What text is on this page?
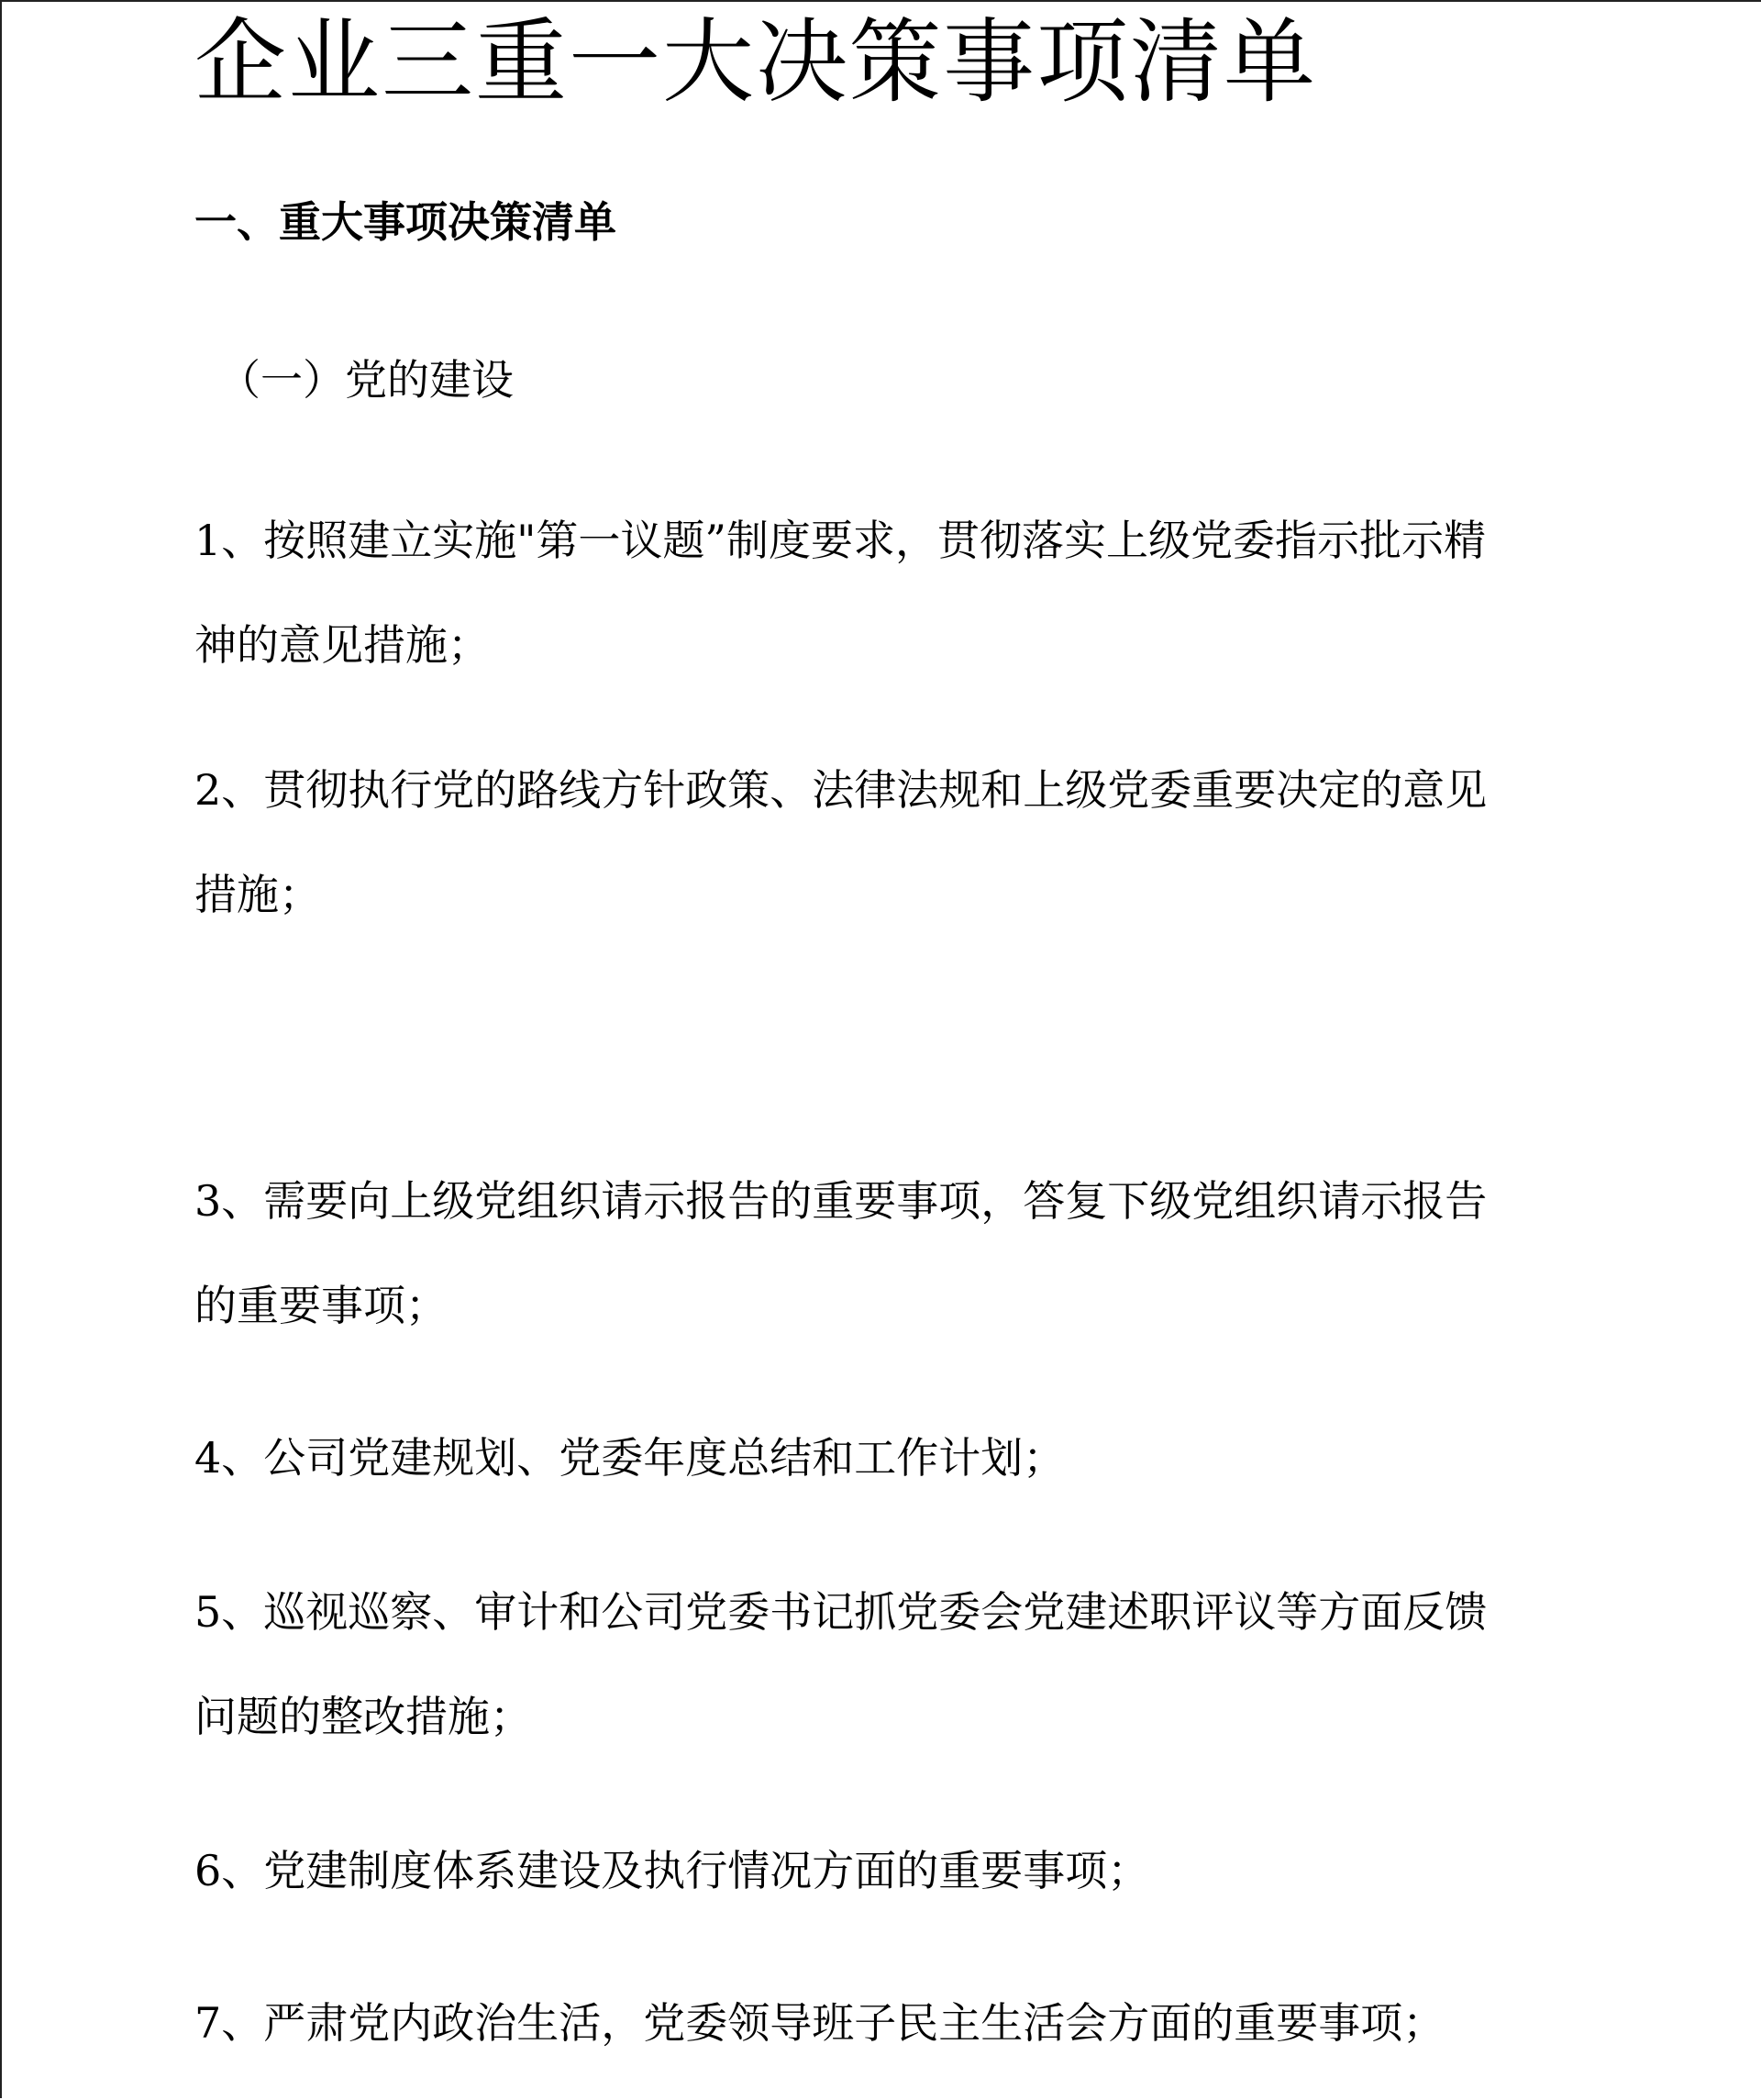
企业三重一大决策事项清单
一、重大事项决策清单
（一）党的建设

1、按照建立实施"第一议题”制度要求，贯彻落实上级党委指示批示精
神的意见措施；

2、贯彻执行党的路线方针政策、法律法规和上级党委重要决定的意见
措施；

3、需要向上级党组织请示报告的重要事项，答复下级党组织请示报告
的重要事项；

4、公司党建规划、党委年度总结和工作计划；

5、巡视巡察、审计和公司党委书记抓党委会党建述职评议等方面反馈
问题的整改措施；

6、党建制度体系建设及执行情况方面的重要事项；

7、严肃党内政治生活，党委领导班子民主生活会方面的重要事项；
